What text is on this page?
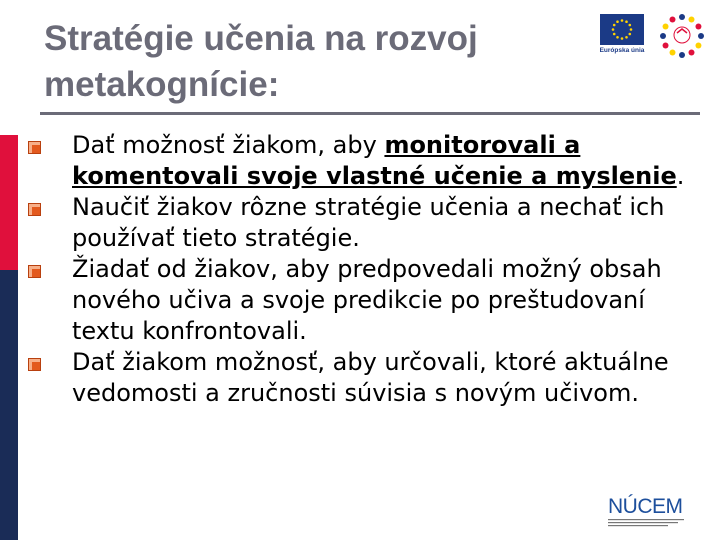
Stratégie učenia na rozvoj metakognície:
Európska únia
Dať možnosť žiakom, aby monitorovali a komentovali svoje vlastné učenie a myslenie.
Naučiť žiakov rôzne stratégie učenia a nechať ich používať tieto stratégie.
Žiadať od žiakov, aby predpovedali možný obsah nového učiva a svoje predikcie po preštudovaní textu konfrontovali.
Dať žiakom možnosť, aby určovali, ktoré aktuálne vedomosti a zručnosti súvisia s novým učivom.
NÚCEM
